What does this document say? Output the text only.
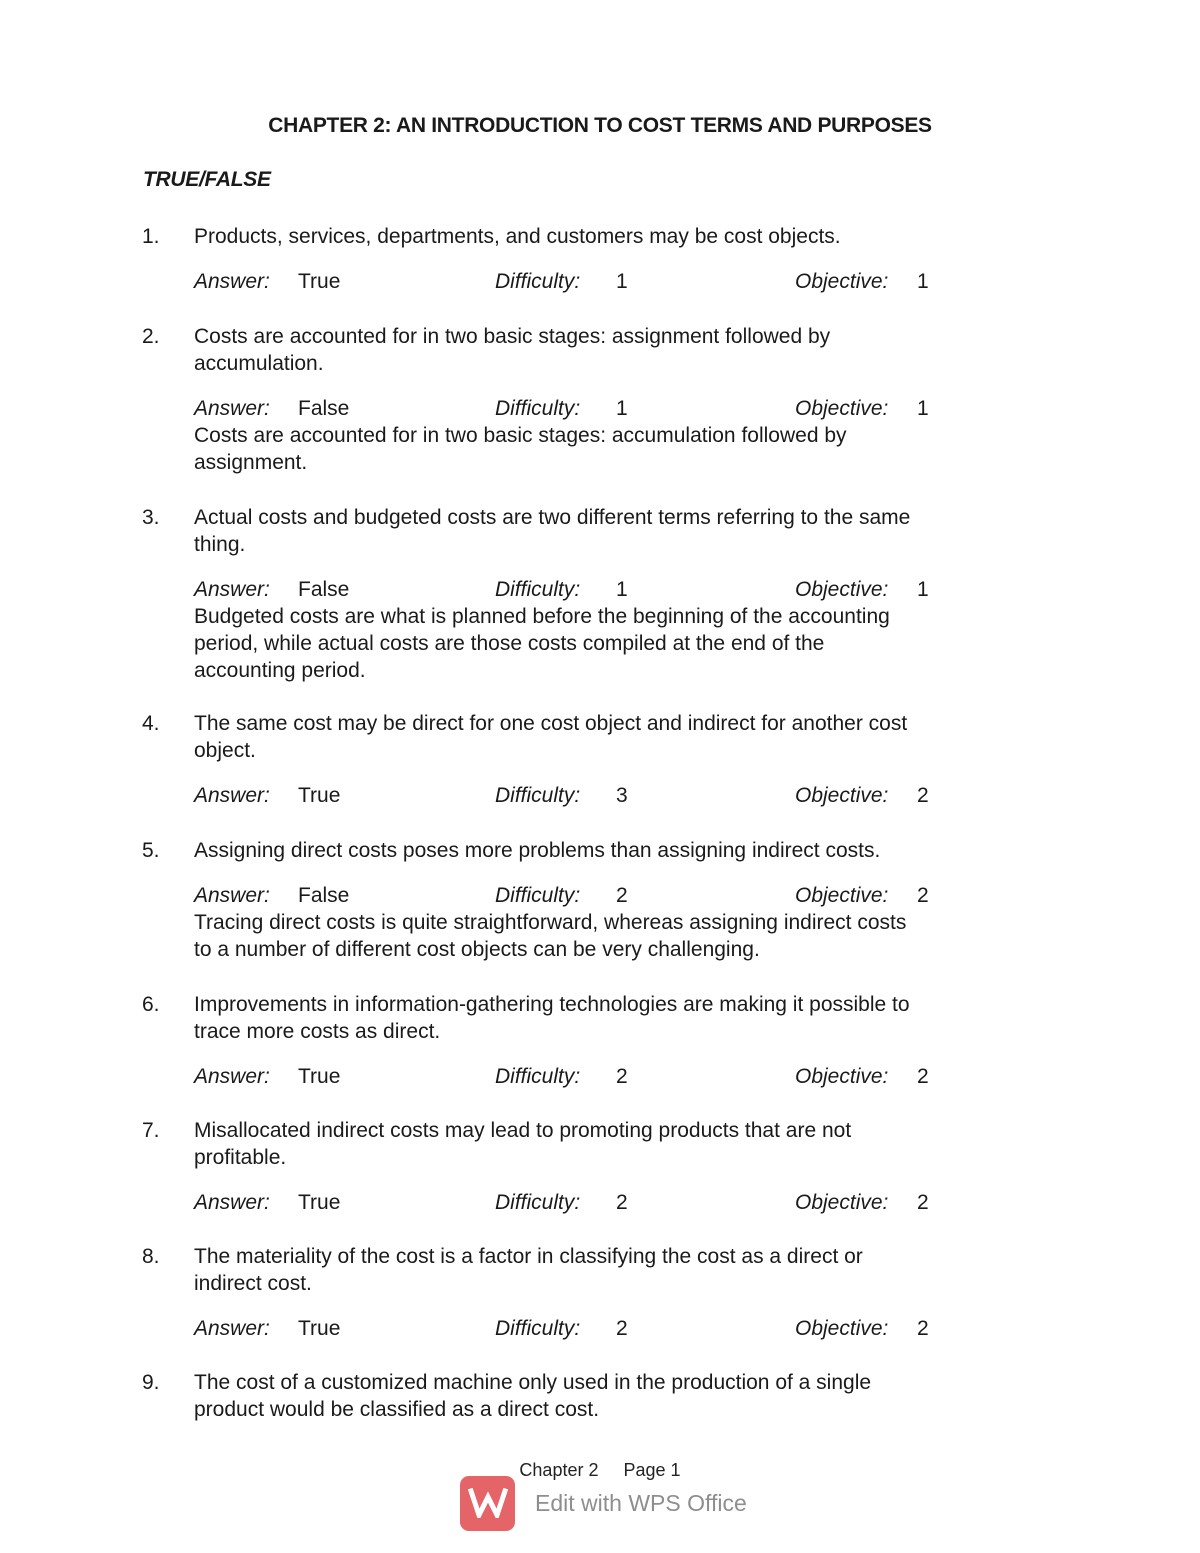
CHAPTER 2: AN INTRODUCTION TO COST TERMS AND PURPOSES
TRUE/FALSE
1. Products, services, departments, and customers may be cost objects.
Answer: True	Difficulty: 1	Objective: 1
2. Costs are accounted for in two basic stages: assignment followed by
accumulation.
Answer: False	Difficulty: 1	Objective: 1
Costs are accounted for in two basic stages: accumulation followed by
assignment.
3. Actual costs and budgeted costs are two different terms referring to the same
thing.
Answer: False	Difficulty: 1	Objective: 1
Budgeted costs are what is planned before the beginning of the accounting
period, while actual costs are those costs compiled at the end of the
accounting period.
4. The same cost may be direct for one cost object and indirect for another cost
object.
Answer: True	Difficulty: 3	Objective: 2
5. Assigning direct costs poses more problems than assigning indirect costs.
Answer: False	Difficulty: 2	Objective: 2
Tracing direct costs is quite straightforward, whereas assigning indirect costs
to a number of different cost objects can be very challenging.
6. Improvements in information-gathering technologies are making it possible to
trace more costs as direct.
Answer: True	Difficulty: 2	Objective: 2
7. Misallocated indirect costs may lead to promoting products that are not
profitable.
Answer: True	Difficulty: 2	Objective: 2
8. The materiality of the cost is a factor in classifying the cost as a direct or
indirect cost.
Answer: True	Difficulty: 2	Objective: 2
9. The cost of a customized machine only used in the production of a single
product would be classified as a direct cost.
Chapter 2 Page 1
Edit with WPS Office
